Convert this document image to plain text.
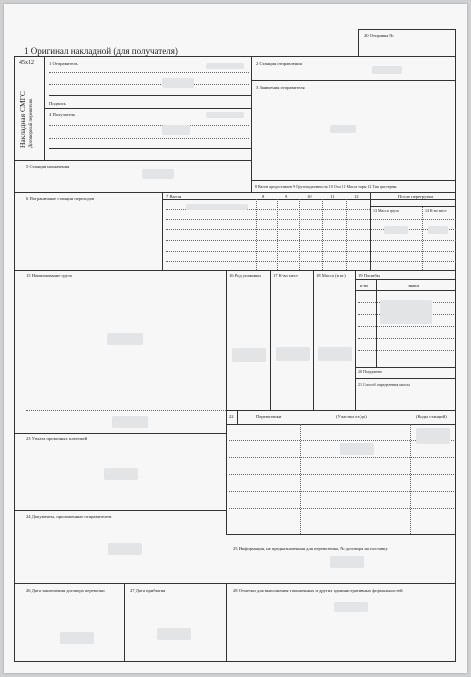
1 Оригинал накладной (для получателя)
20 Отправка №
45x12
Накладная СМГС Договорный перевозчик
1 Отправитель
Подпись
4 Получатель
5 Станция назначения
2 Станция отправления
3 Заявления отправителя
8 Вагон предоставлен 9 Грузоподъемность 10 Оси 11 Масса тары 12 Тип цистерны
6 Пограничные станции переходов	7 Вагон	8	9	10	11	12	После перегрузки
13 Масса груза	14 К-во мест
15 Наименование груза	16 Род упаковки	17 К-во мест	18 Масса (в кг)	19 Пломбы
к-во	знаки
20 Погружено
21 Способ определения массы
22	Перевозчики	(Участки от/до)	(Коды станций)
23 Уплата провозных платежей
24 Документы, приложенные отправителем
25 Информация, не предназначенная для перевозчика, № договора на поставку
26 Дата заключения договора перевозки	27 Дата прибытия	28 Отметки для выполнения таможенных и других административных формальностей
